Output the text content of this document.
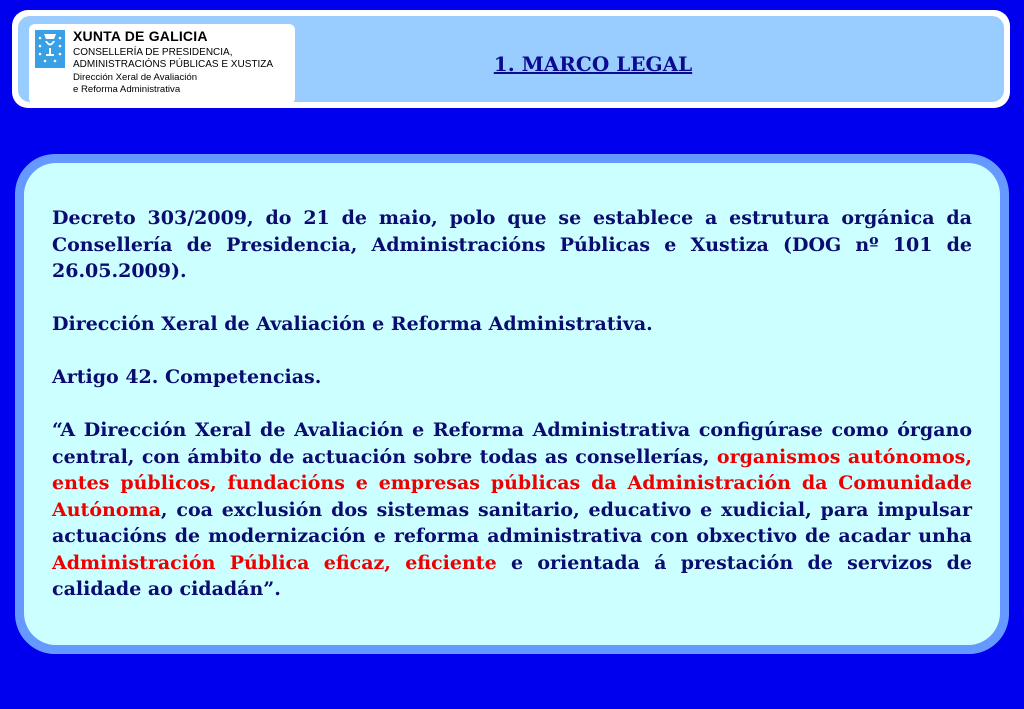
XUNTA DE GALICIA
CONSELLERÍA DE PRESIDENCIA,
ADMINISTRACIÓNS PÚBLICAS E XUSTIZA
Dirección Xeral de Avaliación
e Reforma Administrativa
1. MARCO LEGAL

Decreto 303/2009, do 21 de maio, polo que se establece a estrutura orgánica da Consellería de Presidencia, Administracións Públicas e Xustiza (DOG nº 101 de 26.05.2009).

Dirección Xeral de Avaliación e Reforma Administrativa.

Artigo 42. Competencias.

“A Dirección Xeral de Avaliación e Reforma Administrativa configúrase como órgano central, con ámbito de actuación sobre todas as consellerías, organismos autónomos, entes públicos, fundacións e empresas públicas da Administración da Comunidade Autónoma, coa exclusión dos sistemas sanitario, educativo e xudicial, para impulsar actuacións de modernización e reforma administrativa con obxectivo de acadar unha Administración Pública eficaz, eficiente e orientada á prestación de servizos de calidade ao cidadán”.
